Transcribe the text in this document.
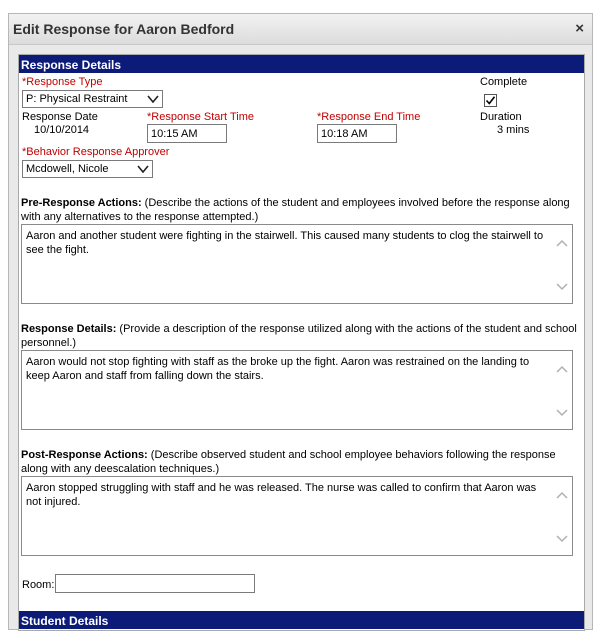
Edit Response for Aaron Bedford	×
Response Details
*Response Type
P: Physical Restraint
Complete
Response Date
10/10/2014
*Response Start Time
10:15 AM
*Response End Time
10:18 AM
Duration
3 mins
*Behavior Response Approver
Mcdowell, Nicole
Pre-Response Actions: (Describe the actions of the student and employees involved before the response along with any alternatives to the response attempted.)
Aaron and another student were fighting in the stairwell. This caused many students to clog the stairwell to see the fight.
Response Details: (Provide a description of the response utilized along with the actions of the student and school personnel.)
Aaron would not stop fighting with staff as the broke up the fight. Aaron was restrained on the landing to keep Aaron and staff from falling down the stairs.
Post-Response Actions: (Describe observed student and school employee behaviors following the response along with any deescalation techniques.)
Aaron stopped struggling with staff and he was released. The nurse was called to confirm that Aaron was not injured.
Room:
Student Details
